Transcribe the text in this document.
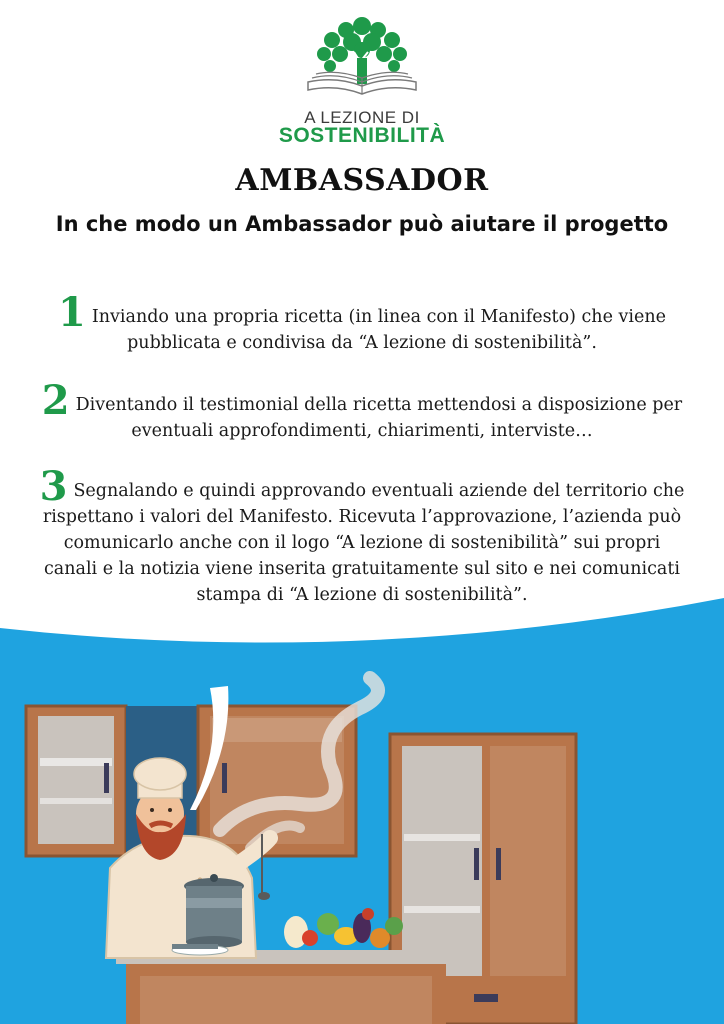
A LEZIONE DI
SOSTENIBILITÀ
AMBASSADOR
In che modo un Ambassador può aiutare il progetto
1 Inviando una propria ricetta (in linea con il Manifesto) che viene pubblicata e condivisa da “A lezione di sostenibilità”.
2 Diventando il testimonial della ricetta mettendosi a disposizione per eventuali approfondimenti, chiarimenti, interviste…
3 Segnalando e quindi approvando eventuali aziende del territorio che rispettano i valori del Manifesto. Ricevuta l’approvazione, l’azienda può comunicarlo anche con il logo “A lezione di sostenibilità” sui propri canali e la notizia viene inserita gratuitamente sul sito e nei comunicati stampa di “A lezione di sostenibilità”.
